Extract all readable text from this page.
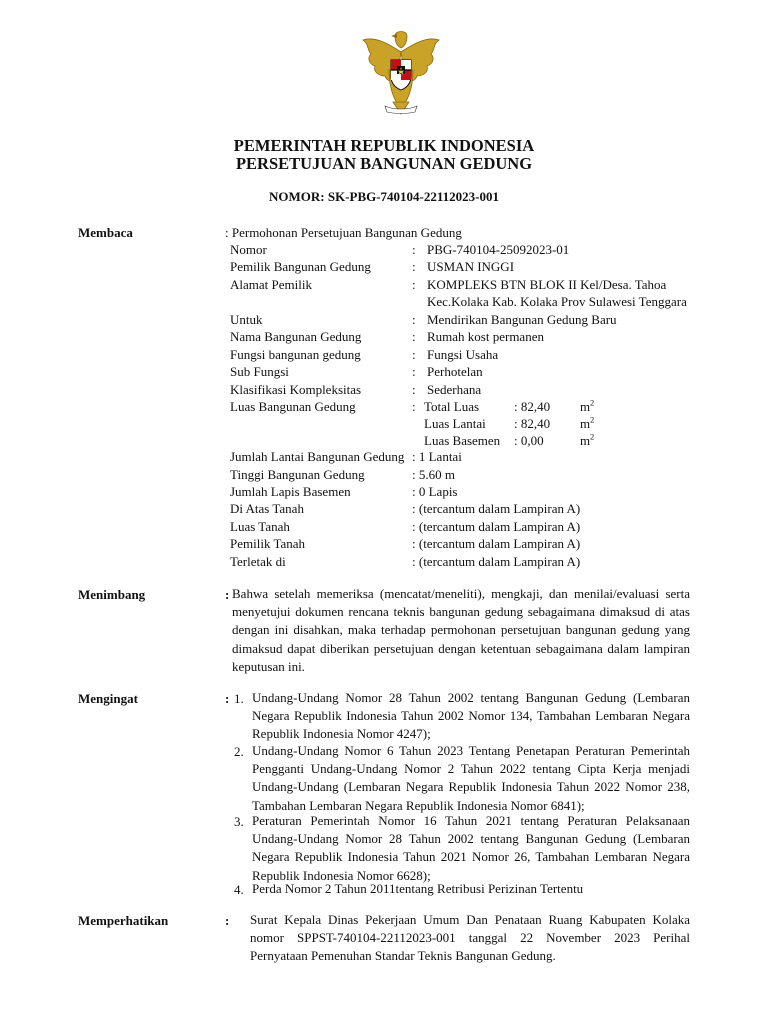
PEMERINTAH REPUBLIK INDONESIA
PERSETUJUAN BANGUNAN GEDUNG
NOMOR: SK-PBG-740104-22112023-001
Membaca	: Permohonan Persetujuan Bangunan Gedung
Nomor	: PBG-740104-25092023-01
Pemilik Bangunan Gedung	: USMAN INGGI
Alamat Pemilik	: KOMPLEKS BTN BLOK II Kel/Desa. Tahoa
Kec.Kolaka Kab. Kolaka Prov Sulawesi Tenggara
Untuk	: Mendirikan Bangunan Gedung Baru
Nama Bangunan Gedung	: Rumah kost permanen
Fungsi bangunan gedung	: Fungsi Usaha
Sub Fungsi	: Perhotelan
Klasifikasi Kompleksitas	: Sederhana
Luas Bangunan Gedung	: Total Luas	: 82,40 $m^2$
Luas Lantai : 82,40 $m^2$
Luas Basemen : 0,00	$m^2$
Jumlah Lantai Bangunan Gedung : 1 Lantai
Tinggi Bangunan Gedung	: 5.60 m
Jumlah Lapis Basemen	: 0 Lapis
Di Atas Tanah	: (tercantum dalam Lampiran A)
Luas Tanah	: (tercantum dalam Lampiran A)
Pemilik Tanah	: (tercantum dalam Lampiran A)
Terletak di	: (tercantum dalam Lampiran A)
Menimbang	: Bahwa setelah memeriksa (mencatat/meneliti), mengkaji, dan menilai/evaluasi serta menyetujui dokumen rencana teknis bangunan gedung sebagaimana dimaksud di atas dengan ini disahkan, maka terhadap permohonan persetujuan bangunan gedung yang dimaksud dapat diberikan persetujuan dengan ketentuan sebagaimana dalam lampiran keputusan ini.
Mengingat	: 1. Undang-Undang Nomor 28 Tahun 2002 tentang Bangunan Gedung (Lembaran Negara Republik Indonesia Tahun 2002 Nomor 134, Tambahan Lembaran Negara Republik Indonesia Nomor 4247);
2. Undang-Undang Nomor 6 Tahun 2023 Tentang Penetapan Peraturan Pemerintah Pengganti Undang-Undang Nomor 2 Tahun 2022 tentang Cipta Kerja menjadi Undang-Undang (Lembaran Negara Republik Indonesia Tahun 2022 Nomor 238, Tambahan Lembaran Negara Republik Indonesia Nomor 6841);
3. Peraturan Pemerintah Nomor 16 Tahun 2021 tentang Peraturan Pelaksanaan Undang-Undang Nomor 28 Tahun 2002 tentang Bangunan Gedung (Lembaran Negara Republik Indonesia Tahun 2021 Nomor 26, Tambahan Lembaran Negara Republik Indonesia Nomor 6628);
4. Perda Nomor 2 Tahun 2011tentang Retribusi Perizinan Tertentu
Memperhatikan	: Surat Kepala Dinas Pekerjaan Umum Dan Penataan Ruang Kabupaten Kolaka nomor SPPST-740104-22112023-001 tanggal 22 November 2023 Perihal Pernyataan Pemenuhan Standar Teknis Bangunan Gedung.
